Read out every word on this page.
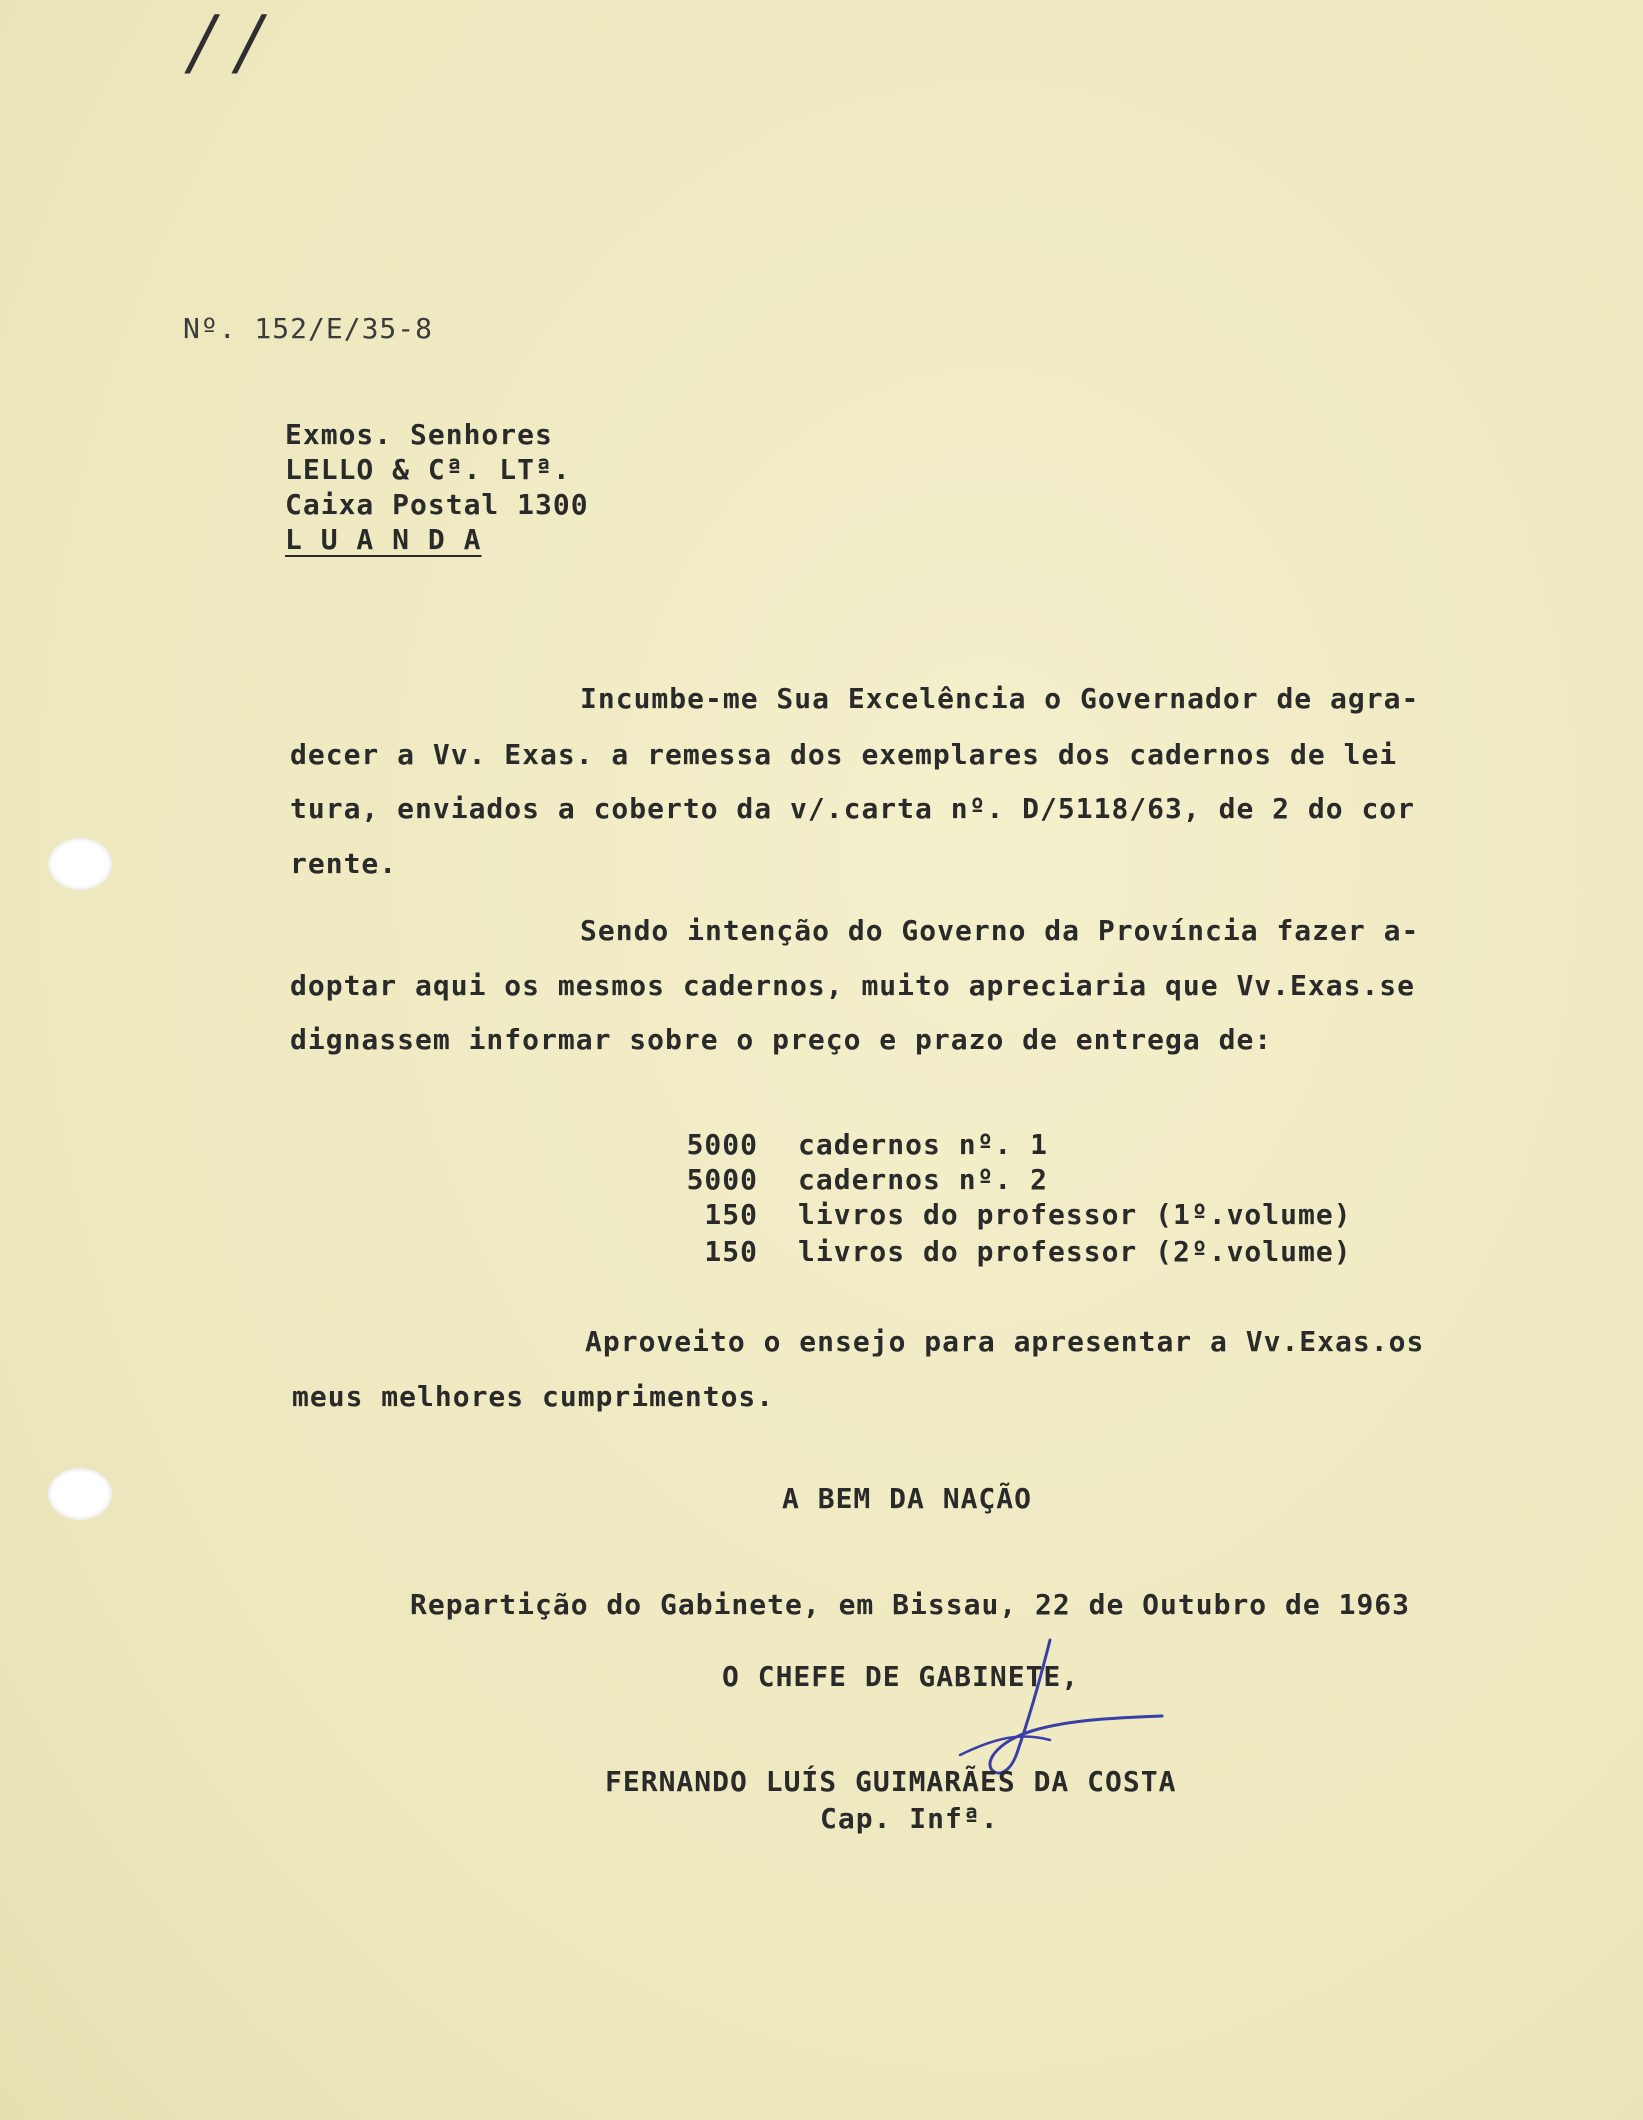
/ /
Nº. 152/E/35-8
Exmos. Senhores
LELLO & Cª. LTª.
Caixa Postal 1300
L U A N D A
Incumbe-me Sua Excelência o Governador de agra-
decer a Vv. Exas. a remessa dos exemplares dos cadernos de lei
tura, enviados a coberto da v/.carta nº. D/5118/63, de 2 do cor
rente.
Sendo intenção do Governo da Província fazer a-
doptar aqui os mesmos cadernos, muito apreciaria que Vv.Exas.se
dignassem informar sobre o preço e prazo de entrega de:
5000 cadernos nº. 1
5000 cadernos nº. 2
150 livros do professor (1º.volume)
150 livros do professor (2º.volume)
Aproveito o ensejo para apresentar a Vv.Exas.os
meus melhores cumprimentos.
A BEM DA NAÇÃO
Repartição do Gabinete, em Bissau, 22 de Outubro de 1963
O CHEFE DE GABINETE,
FERNANDO LUÍS GUIMARÃES DA COSTA
Cap. Infª.
